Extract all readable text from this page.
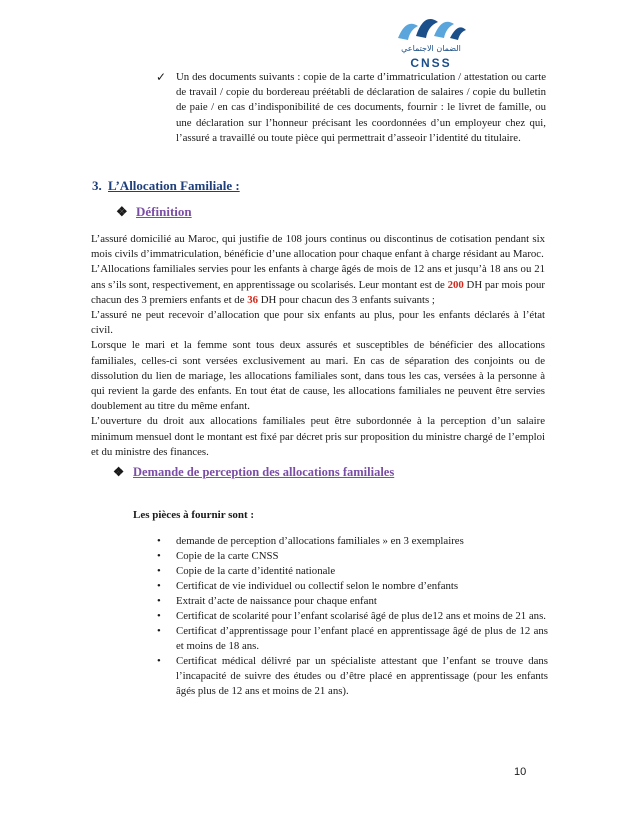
الضمان الاجتماعي
CNSS
✓ Un des documents suivants : copie de la carte d’immatriculation / attestation ou carte de travail / copie du bordereau préétabli de déclaration de salaires / copie du bulletin de paie / en cas d’indisponibilité de ces documents, fournir : le livret de famille, ou une déclaration sur l’honneur précisant les coordonnées d’un employeur chez qui, l’assuré a travaillé ou toute pièce qui permettrait d’asseoir l’identité du titulaire.
3. L’Allocation Familiale :
❖ Définition

L’assuré domicilié au Maroc, qui justifie de 108 jours continus ou discontinus de cotisation pendant six mois civils d’immatriculation, bénéficie d’une allocation pour chaque enfant à charge résidant au Maroc.

L’Allocations familiales servies pour les enfants à charge âgés de mois de 12 ans et jusqu’à 18 ans ou 21 ans s’ils sont, respectivement, en apprentissage ou scolarisés. Leur montant est de 200 DH par mois pour chacun des 3 premiers enfants et de 36 DH pour chacun des 3 enfants suivants ;

L’assuré ne peut recevoir d’allocation que pour six enfants au plus, pour les enfants déclarés à l’état civil.

Lorsque le mari et la femme sont tous deux assurés et susceptibles de bénéficier des allocations familiales, celles-ci sont versées exclusivement au mari. En cas de séparation des conjoints ou de dissolution du lien de mariage, les allocations familiales sont, dans tous les cas, versées à la personne à qui revient la garde des enfants. En tout état de cause, les allocations familiales ne peuvent être servies doublement au titre du même enfant.

L’ouverture du droit aux allocations familiales peut être subordonnée à la perception d’un salaire minimum mensuel dont le montant est fixé par décret pris sur proposition du ministre chargé de l’emploi et du ministre des finances.

❖ Demande de perception des allocations familiales
Les pièces à fournir sont :
• demande de perception d’allocations familiales » en 3 exemplaires
• Copie de la carte CNSS
• Copie de la carte d’identité nationale
• Certificat de vie individuel ou collectif selon le nombre d’enfants
• Extrait d’acte de naissance pour chaque enfant
• Certificat de scolarité pour l’enfant scolarisé âgé de plus de12 ans et moins de 21 ans.
• Certificat d’apprentissage pour l’enfant placé en apprentissage âgé de plus de 12 ans et moins de 18 ans.
• Certificat médical délivré par un spécialiste attestant que l’enfant se trouve dans l’incapacité de suivre des études ou d’être placé en apprentissage (pour les enfants âgés plus de 12 ans et moins de 21 ans).
10
